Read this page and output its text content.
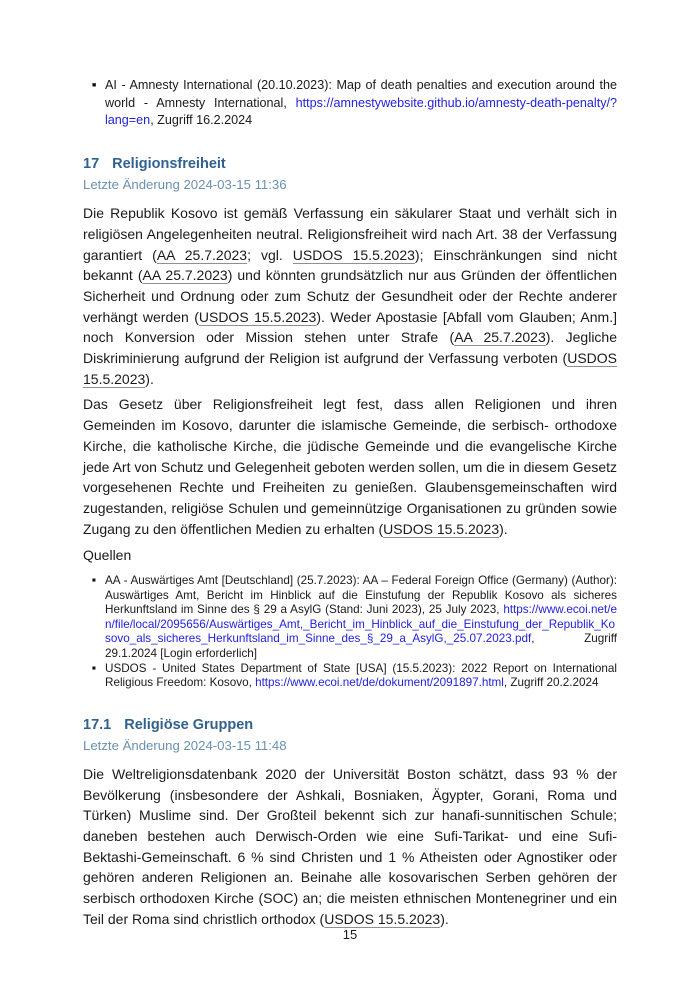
■ AI - Amnesty International (20.10.2023): Map of death penalties and execution around the world - Amnesty International, https://amnestywebsite.github.io/amnesty-death-penalty/?lang=en, Zugriff 16.2.2024
17 Religionsfreiheit
Letzte Änderung 2024-03-15 11:36

Die Republik Kosovo ist gemäß Verfassung ein säkularer Staat und verhält sich in religiösen Angelegenheiten neutral. Religionsfreiheit wird nach Art. 38 der Verfassung garantiert (AA 25.7.2023; vgl. USDOS 15.5.2023); Einschränkungen sind nicht bekannt (AA 25.7.2023) und könnten grundsätzlich nur aus Gründen der öffentlichen Sicherheit und Ordnung oder zum Schutz der Gesundheit oder der Rechte anderer verhängt werden (USDOS 15.5.2023). Weder Apostasie [Abfall vom Glauben; Anm.] noch Konversion oder Mission stehen unter Strafe (AA 25.7.2023). Jegliche Diskriminierung aufgrund der Religion ist aufgrund der Verfassung verboten (USDOS 15.5.2023).

Das Gesetz über Religionsfreiheit legt fest, dass allen Religionen und ihren Gemeinden im Kosovo, darunter die islamische Gemeinde, die serbisch- orthodoxe Kirche, die katholische Kirche, die jüdische Gemeinde und die evangelische Kirche jede Art von Schutz und Gelegenheit geboten werden sollen, um die in diesem Gesetz vorgesehenen Rechte und Freiheiten zu genießen. Glaubensgemeinschaften wird zugestanden, religiöse Schulen und gemeinnützige Organisationen zu gründen sowie Zugang zu den öffentlichen Medien zu erhalten (USDOS 15.5.2023).

Quellen
■ AA - Auswärtiges Amt [Deutschland] (25.7.2023): AA – Federal Foreign Office (Germany) (Author): Auswärtiges Amt, Bericht im Hinblick auf die Einstufung der Republik Kosovo als sicheres Herkunftsland im Sinne des § 29 a AsylG (Stand: Juni 2023), 25 July 2023, https://www.ecoi.net/en/file/local/2095656/Auswärtiges_Amt,_Bericht_im_Hinblick_auf_die_Einstufung_der_Republik_Kosovo_als_sicheres_Herkunftsland_im_Sinne_des_§_29_a_AsylG,_25.07.2023.pdf, Zugriff 29.1.2024 [Login erforderlich]
■ USDOS - United States Department of State [USA] (15.5.2023): 2022 Report on International Religious Freedom: Kosovo, https://www.ecoi.net/de/dokument/2091897.html, Zugriff 20.2.2024
17.1 Religiöse Gruppen
Letzte Änderung 2024-03-15 11:48

Die Weltreligionsdatenbank 2020 der Universität Boston schätzt, dass 93 % der Bevölkerung (insbesondere der Ashkali, Bosniaken, Ägypter, Gorani, Roma und Türken) Muslime sind. Der Großteil bekennt sich zur hanafi-sunnitischen Schule; daneben bestehen auch Derwisch-Orden wie eine Sufi-Tarikat- und eine Sufi-Bektashi-Gemeinschaft. 6 % sind Christen und 1 % Atheisten oder Agnostiker oder gehören anderen Religionen an. Beinahe alle kosovarischen Serben gehören der serbisch orthodoxen Kirche (SOC) an; die meisten ethnischen Montenegriner und ein Teil der Roma sind christlich orthodox (USDOS 15.5.2023).

15
